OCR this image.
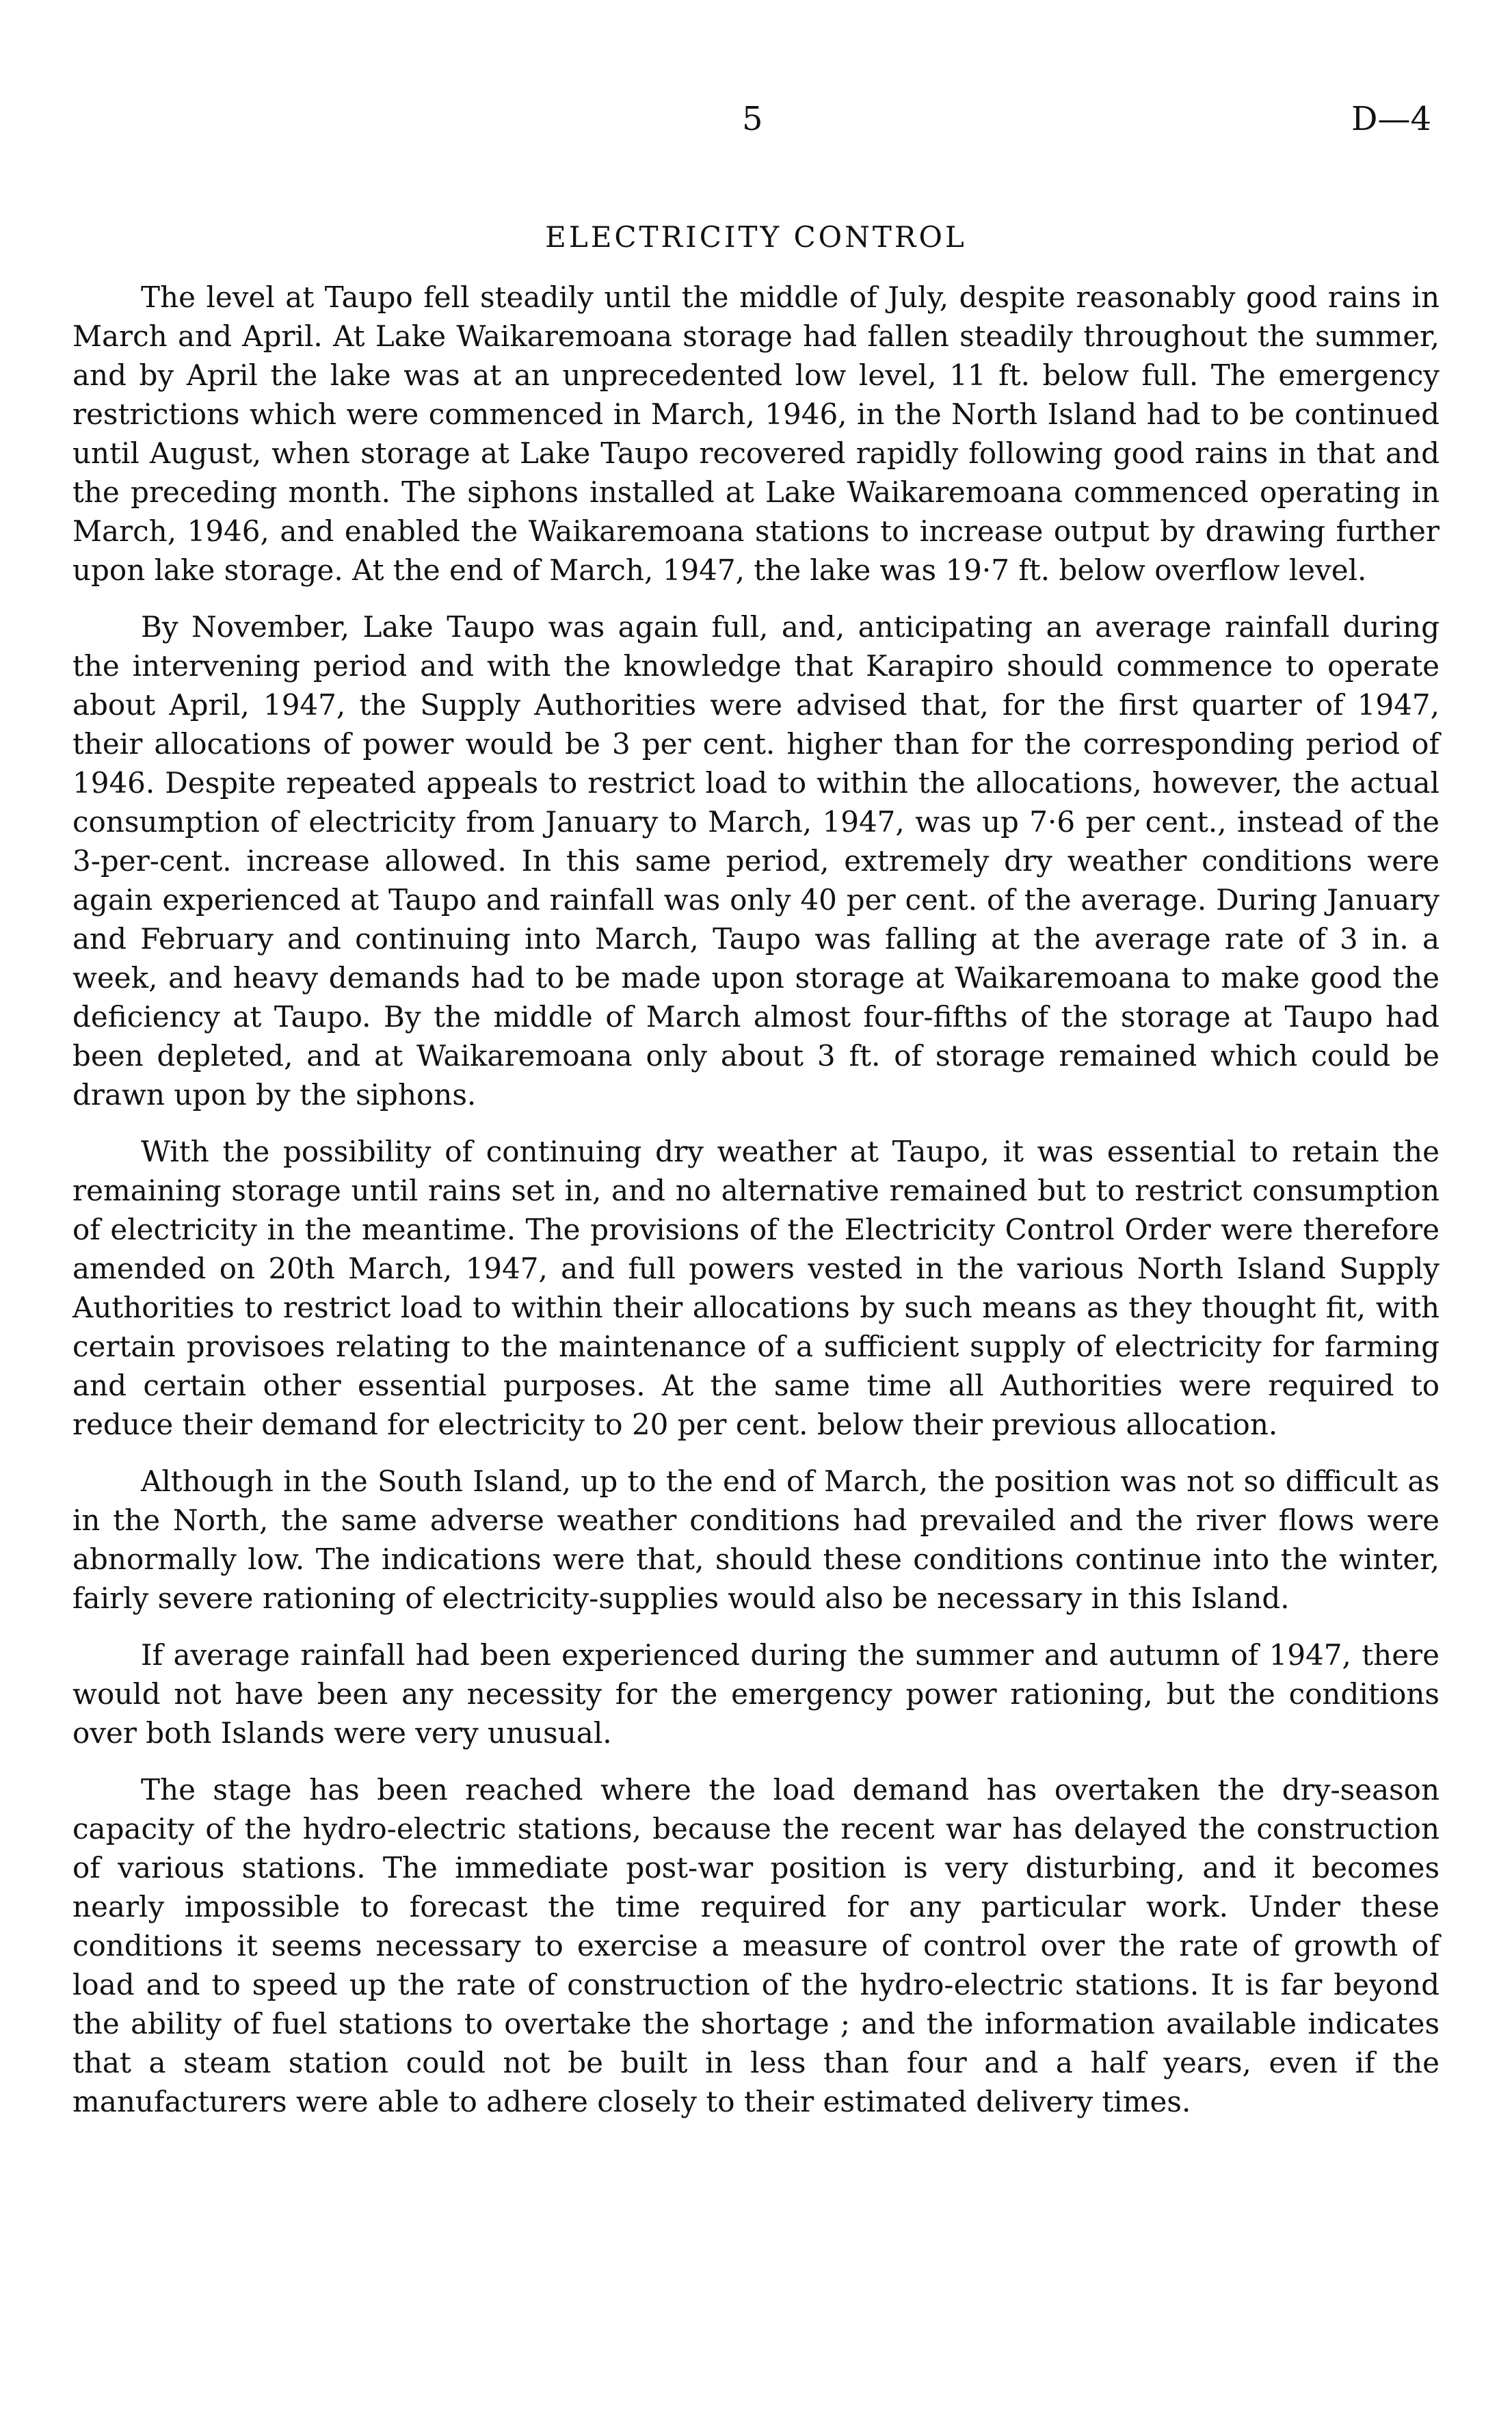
5	D—4
ELECTRICITY CONTROL

The level at Taupo fell steadily until the middle of July, despite reasonably good rains in March and April. At Lake Waikaremoana storage had fallen steadily throughout the summer, and by April the lake was at an unprecedented low level, 11 ft. below full. The emergency restrictions which were commenced in March, 1946, in the North Island had to be continued until August, when storage at Lake Taupo recovered rapidly following good rains in that and the preceding month. The siphons installed at Lake Waikaremoana commenced operating in March, 1946, and enabled the Waikaremoana stations to increase output by drawing further upon lake storage. At the end of March, 1947, the lake was 19·7 ft. below overflow level.

By November, Lake Taupo was again full, and, anticipating an average rainfall during the intervening period and with the knowledge that Karapiro should commence to operate about April, 1947, the Supply Authorities were advised that, for the first quarter of 1947, their allocations of power would be 3 per cent. higher than for the corresponding period of 1946. Despite repeated appeals to restrict load to within the allocations, however, the actual consumption of electricity from January to March, 1947, was up 7·6 per cent., instead of the 3-per-cent. increase allowed. In this same period, extremely dry weather conditions were again experienced at Taupo and rainfall was only 40 per cent. of the average. During January and February and continuing into March, Taupo was falling at the average rate of 3 in. a week, and heavy demands had to be made upon storage at Waikaremoana to make good the deficiency at Taupo. By the middle of March almost four-fifths of the storage at Taupo had been depleted, and at Waikaremoana only about 3 ft. of storage remained which could be drawn upon by the siphons.

With the possibility of continuing dry weather at Taupo, it was essential to retain the remaining storage until rains set in, and no alternative remained but to restrict consumption of electricity in the meantime. The provisions of the Electricity Control Order were therefore amended on 20th March, 1947, and full powers vested in the various North Island Supply Authorities to restrict load to within their allocations by such means as they thought fit, with certain provisoes relating to the maintenance of a sufficient supply of electricity for farming and certain other essential purposes. At the same time all Authorities were required to reduce their demand for electricity to 20 per cent. below their previous allocation.

Although in the South Island, up to the end of March, the position was not so difficult as in the North, the same adverse weather conditions had prevailed and the river flows were abnormally low. The indications were that, should these conditions continue into the winter, fairly severe rationing of electricity-supplies would also be necessary in this Island.

If average rainfall had been experienced during the summer and autumn of 1947, there would not have been any necessity for the emergency power rationing, but the conditions over both Islands were very unusual.

The stage has been reached where the load demand has overtaken the dry-season capacity of the hydro-electric stations, because the recent war has delayed the construction of various stations. The immediate post-war position is very disturbing, and it becomes nearly impossible to forecast the time required for any particular work. Under these conditions it seems necessary to exercise a measure of control over the rate of growth of load and to speed up the rate of construction of the hydro-electric stations. It is far beyond the ability of fuel stations to overtake the shortage ; and the information available indicates that a steam station could not be built in less than four and a half years, even if the manufacturers were able to adhere closely to their estimated delivery times.
